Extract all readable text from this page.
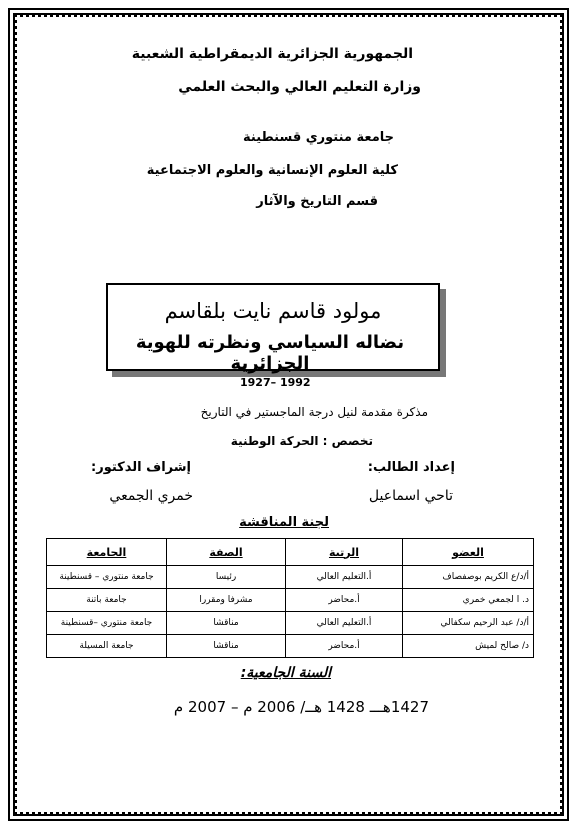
الجمهورية الجزائرية الديمقراطية الشعبية
وزارة التعليم العالي والبحث العلمي
جامعة منتوري قسنطينة
كلية العلوم الإنسانية والعلوم الاجتماعية
قسم التاريخ والآثار
مولود قاسم نايت بلقاسم
نضاله السياسي ونظرته للهوية الجزائرية
1927– 1992
مذكرة مقدمة لنيل درجة الماجستير في التاريخ
تخصص : الحركة الوطنية
إعداد الطالب:
إشراف الدكتور:
تاحي اسماعيل
خمري الجمعي
لجنة المناقشة
العضو	الرتبة	الصفة	الجامعة
أ/د/ع الكريم بوصفصاف	أ.التعليم العالي	رئيسا	جامعة منتوري – قسنطينة
د. ا لجمعي خمري	أ.محاضر	مشرفا ومقررا	جامعة باتنة
أ/د/ عبد الرحيم سكفالي	أ.التعليم العالي	مناقشا	جامعة منتوري –قسنطينة
د/ صالح لميش	أ.محاضر	مناقشا	جامعة المسيلة
السنة الجامعية:
1427هـــ 1428 هــ/ 2006 م – 2007 م
